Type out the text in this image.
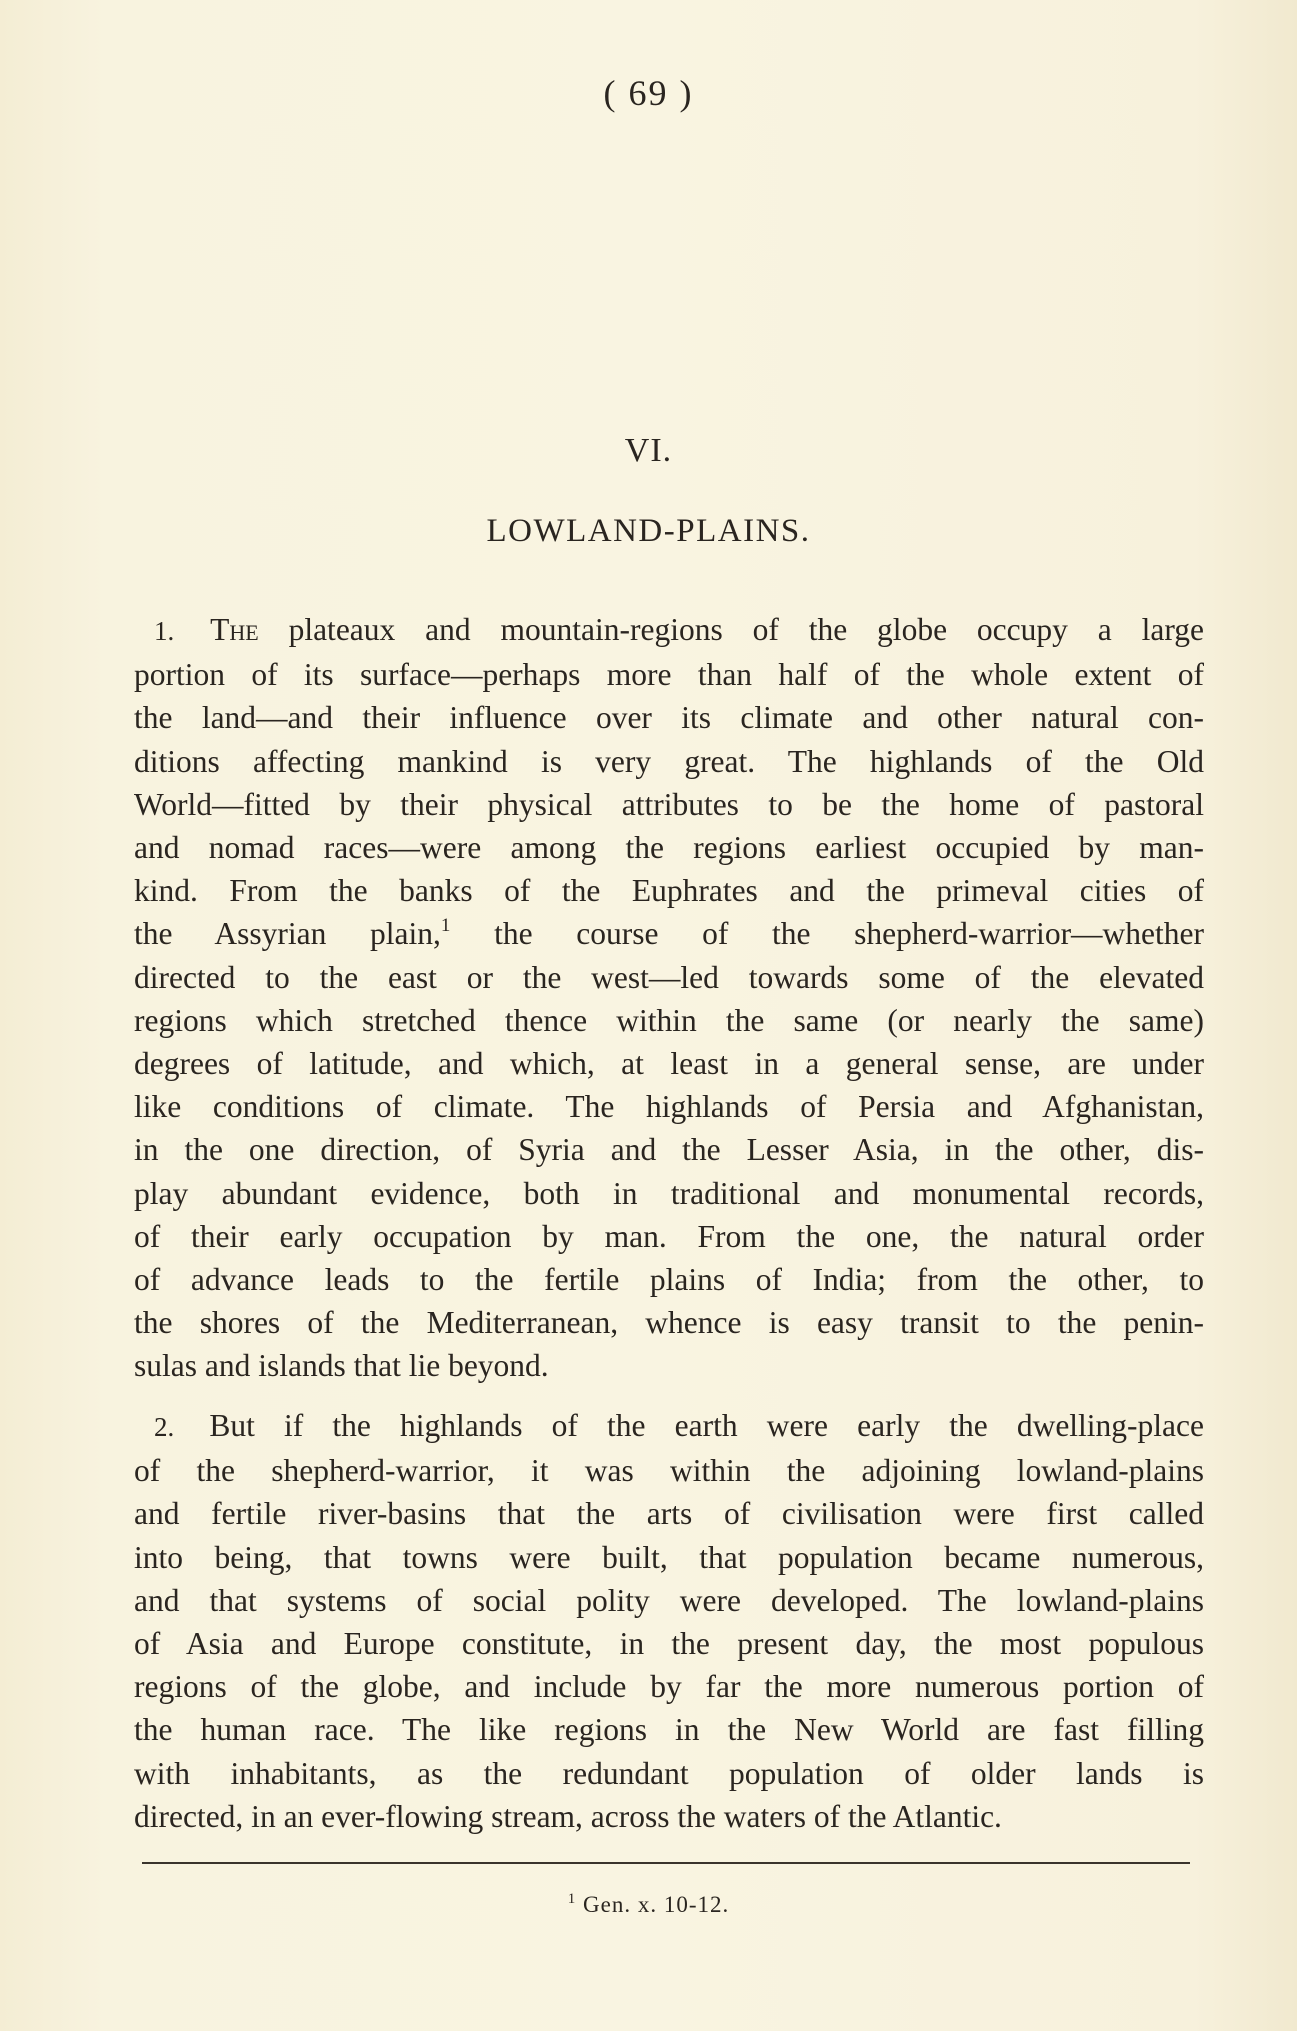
( 69 )
VI.
LOWLAND-PLAINS.
1. The plateaux and mountain-regions of the globe occupy a large
portion of its surface—perhaps more than half of the whole extent of
the land—and their influence over its climate and other natural con-
ditions affecting mankind is very great. The highlands of the Old
World—fitted by their physical attributes to be the home of pastoral
and nomad races—were among the regions earliest occupied by man-
kind. From the banks of the Euphrates and the primeval cities of
the Assyrian plain,$^1$ the course of the shepherd-warrior—whether
directed to the east or the west—led towards some of the elevated
regions which stretched thence within the same (or nearly the same)
degrees of latitude, and which, at least in a general sense, are under
like conditions of climate. The highlands of Persia and Afghanistan,
in the one direction, of Syria and the Lesser Asia, in the other, dis-
play abundant evidence, both in traditional and monumental records,
of their early occupation by man. From the one, the natural order
of advance leads to the fertile plains of India; from the other, to
the shores of the Mediterranean, whence is easy transit to the penin-
sulas and islands that lie beyond.
2. But if the highlands of the earth were early the dwelling-place
of the shepherd-warrior, it was within the adjoining lowland-plains
and fertile river-basins that the arts of civilisation were first called
into being, that towns were built, that population became numerous,
and that systems of social polity were developed. The lowland-plains
of Asia and Europe constitute, in the present day, the most populous
regions of the globe, and include by far the more numerous portion of
the human race. The like regions in the New World are fast filling
with inhabitants, as the redundant population of older lands is
directed, in an ever-flowing stream, across the waters of the Atlantic.
$^1$ Gen. x. 10-12.
